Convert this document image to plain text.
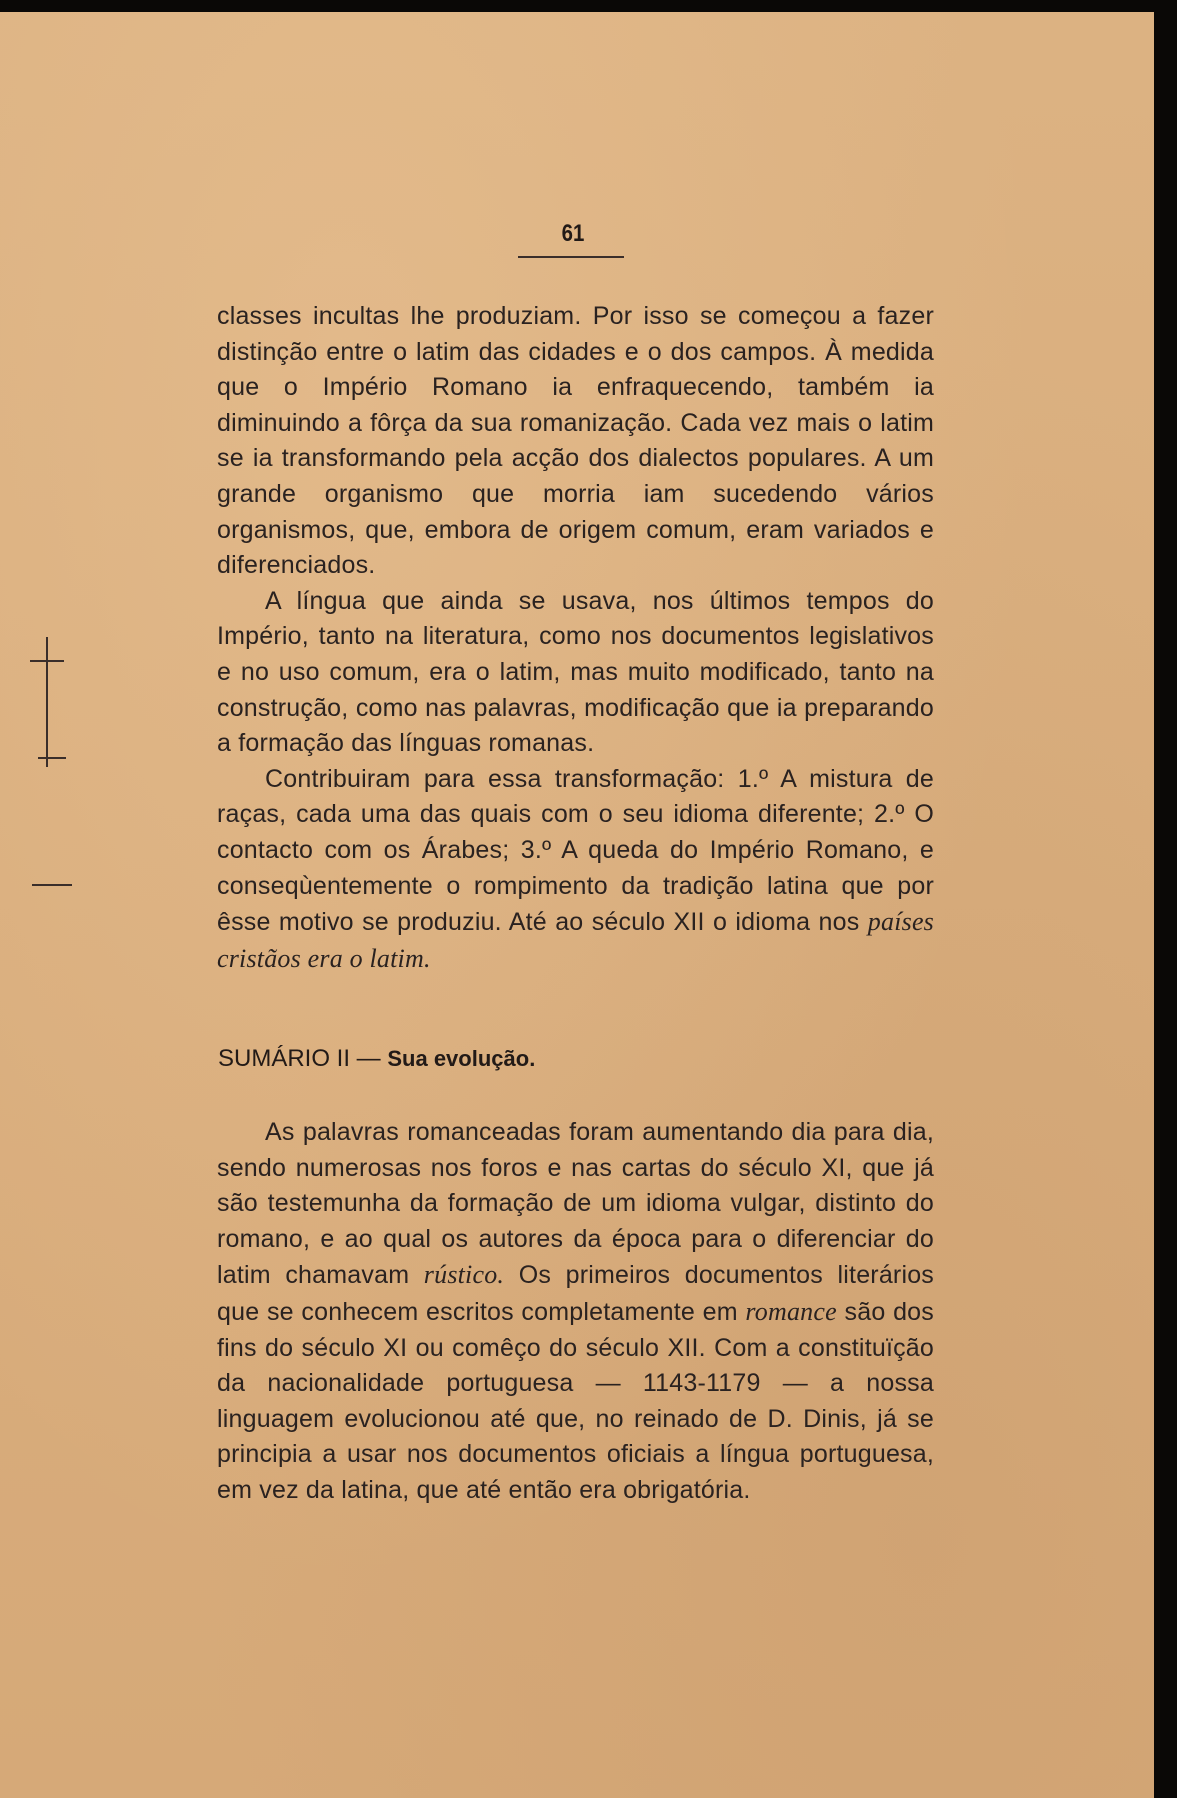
61

classes incultas lhe produziam. Por isso se começou a fazer distinção entre o latim das cidades e o dos campos. À medida que o Império Romano ia enfraquecendo, também ia diminuindo a fôrça da sua romanização. Cada vez mais o latim se ia transformando pela acção dos dialectos populares. A um grande organismo que morria iam sucedendo vários organismos, que, embora de origem comum, eram variados e diferenciados.

A língua que ainda se usava, nos últimos tempos do Império, tanto na literatura, como nos documentos legislativos e no uso comum, era o latim, mas muito modificado, tanto na construção, como nas palavras, modificação que ia preparando a formação das línguas romanas.

Contribuiram para essa transformação: 1.º A mistura de raças, cada uma das quais com o seu idioma diferente; 2.º O contacto com os Árabes; 3.º A queda do Império Romano, e conseqùentemente o rompimento da tradição latina que por êsse motivo se produziu. Até ao século XII o idioma nos países cristãos era o latim.

SUMÁRIO II — Sua evolução.

As palavras romanceadas foram aumentando dia para dia, sendo numerosas nos foros e nas cartas do século XI, que já são testemunha da formação de um idioma vulgar, distinto do romano, e ao qual os autores da época para o diferenciar do latim chamavam rústico. Os primeiros documentos literários que se conhecem escritos completamente em romance são dos fins do século XI ou comêço do século XII. Com a constituïção da nacionalidade portuguesa — 1143-1179 — a nossa linguagem evolucionou até que, no reinado de D. Dinis, já se principia a usar nos documentos oficiais a língua portuguesa, em vez da latina, que até então era obrigatória.
